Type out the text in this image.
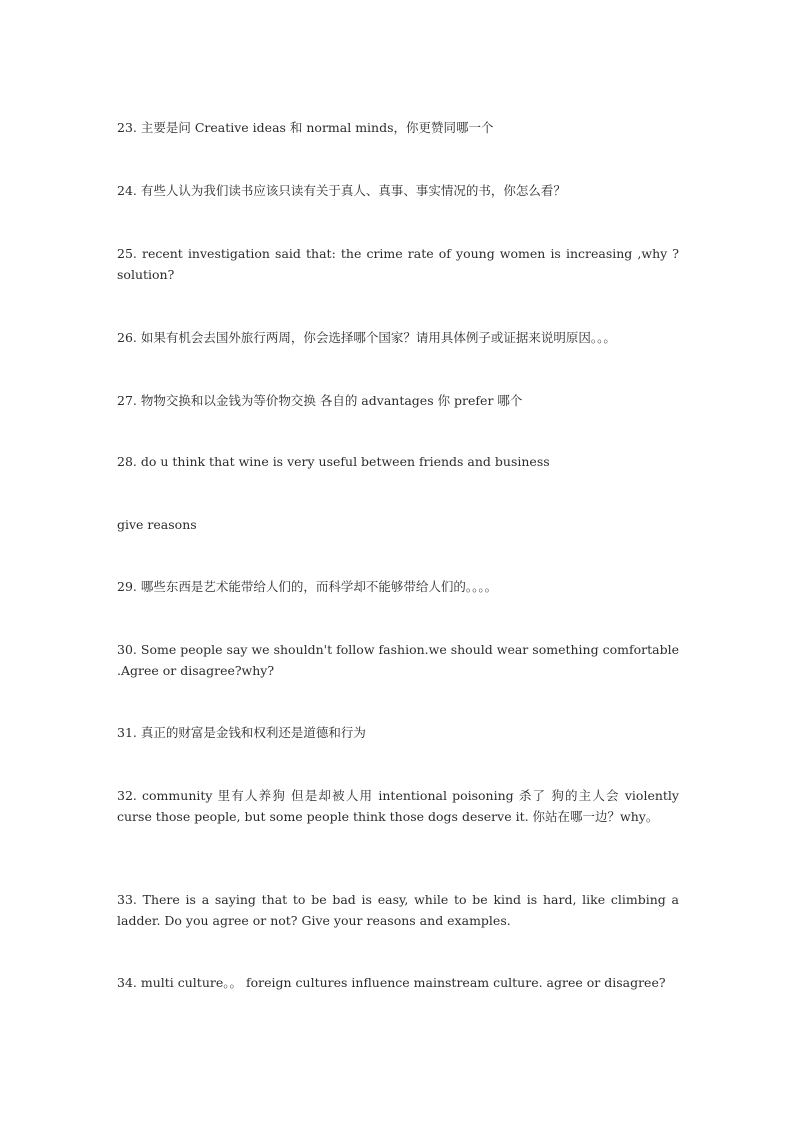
23. 主要是问 Creative ideas 和 normal minds，你更赞同哪一个

24. 有些人认为我们读书应该只读有关于真人、真事、事实情况的书，你怎么看？

25. recent investigation said that: the crime rate of young women is increasing ,why ? solution?

26. 如果有机会去国外旅行两周，你会选择哪个国家？请用具体例子或证据来说明原因。。。

27. 物物交换和以金钱为等价物交换 各自的 advantages 你 prefer 哪个

28. do u think that wine is very useful between friends and business

give reasons

29. 哪些东西是艺术能带给人们的，而科学却不能够带给人们的。。。。

30. Some people say we shouldn't follow fashion.we should wear something comfortable .Agree or disagree?why?

31. 真正的财富是金钱和权利还是道德和行为

32. community 里有人养狗 但是却被人用 intentional poisoning 杀了 狗的主人会 violently curse those people, but some people think those dogs deserve it. 你站在哪一边？why。

33. There is a saying that to be bad is easy, while to be kind is hard, like climbing a ladder. Do you agree or not? Give your reasons and examples.

34. multi culture。。 foreign cultures influence mainstream culture. agree or disagree?
